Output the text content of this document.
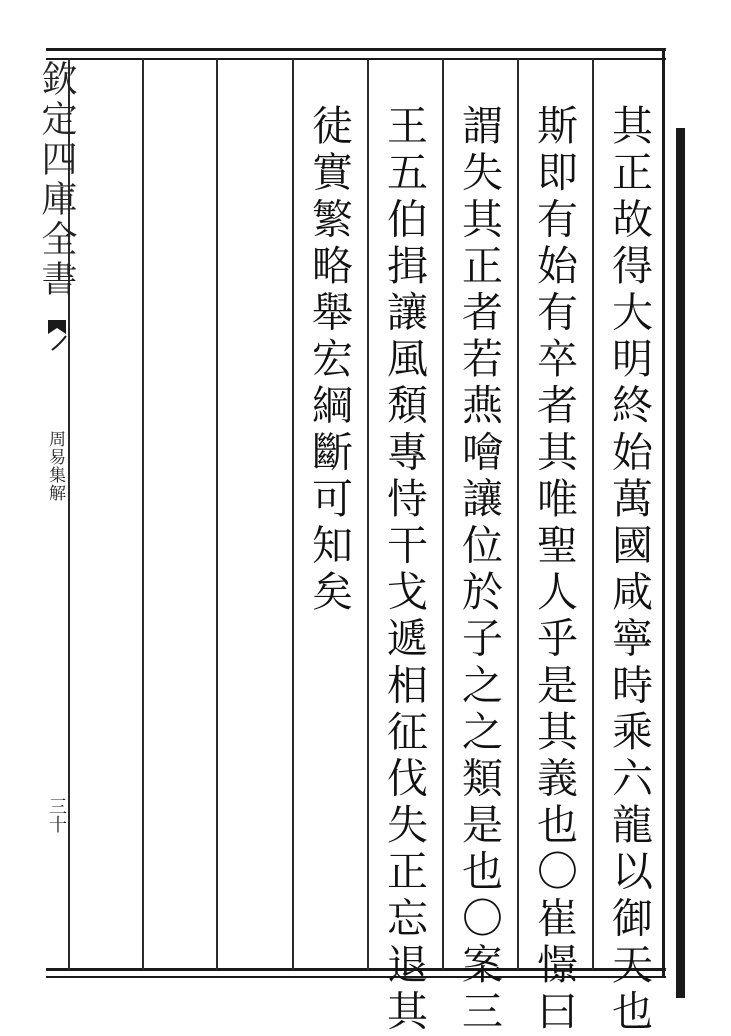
欽定四庫全書
周易集解
三十	其正故得大明終始萬國咸寧時乘六龍以御天也
斯即有始有卒者其唯聖人乎是其義也〇崔憬曰
謂失其正者若燕噲讓位於子之之類是也〇案三
王五伯揖讓風頽專恃干戈遞相征伐失正忘退其
徒實繁略舉宏綱斷可知矣
